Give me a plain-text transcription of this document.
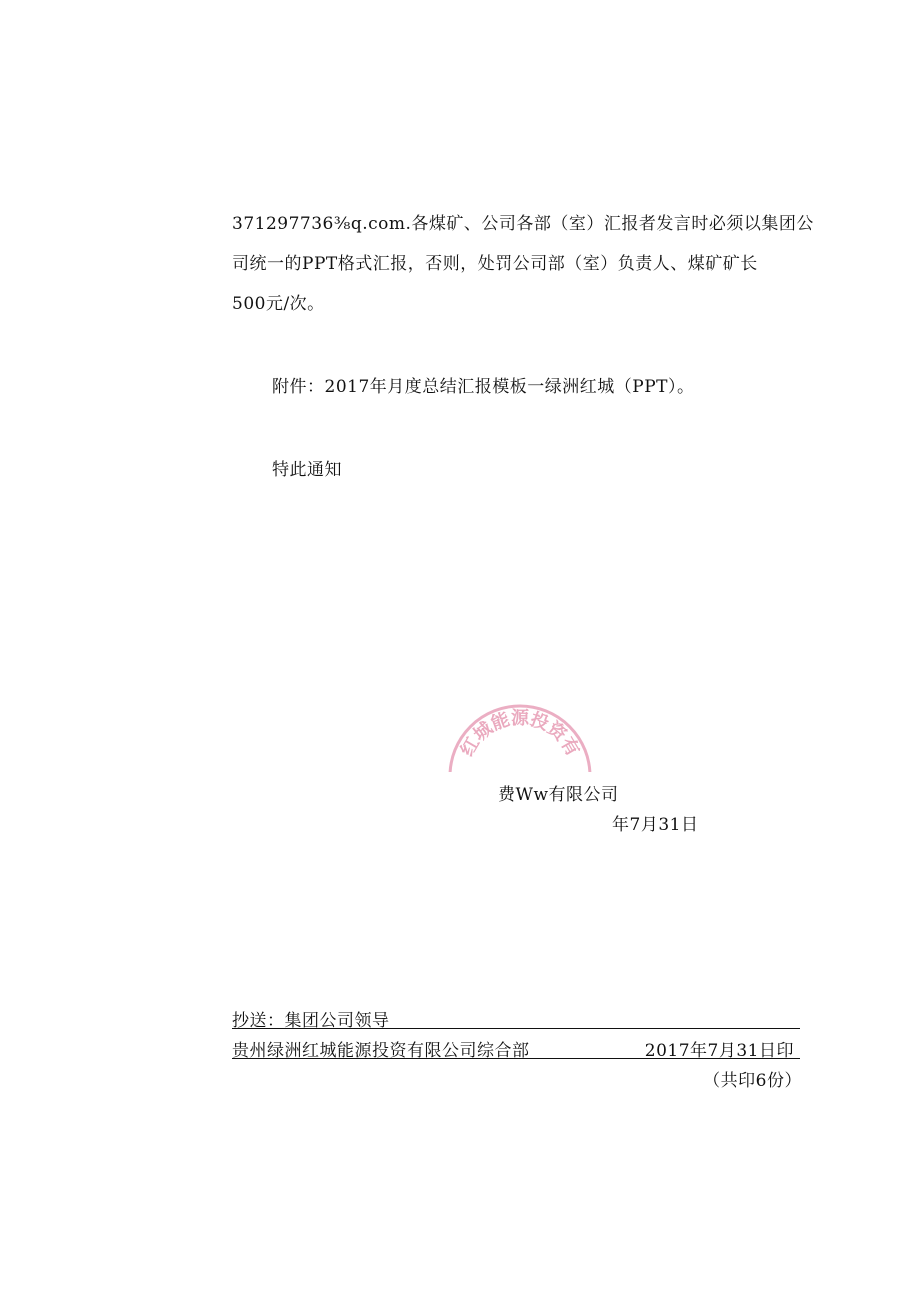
371297736⅜q.com.各煤矿、公司各部（室）汇报者发言时必须以集团公
司统一的PPT格式汇报，否则，处罚公司部（室）负责人、煤矿矿长
500元/次。
附件：2017年月度总结汇报模板一绿洲红城（PPT）。
特此通知
红城能源投资有
费Ww有限公司
年7月31日
抄送：集团公司领导
贵州绿洲红城能源投资有限公司综合部	2017年7月31日印
（共印6份）
